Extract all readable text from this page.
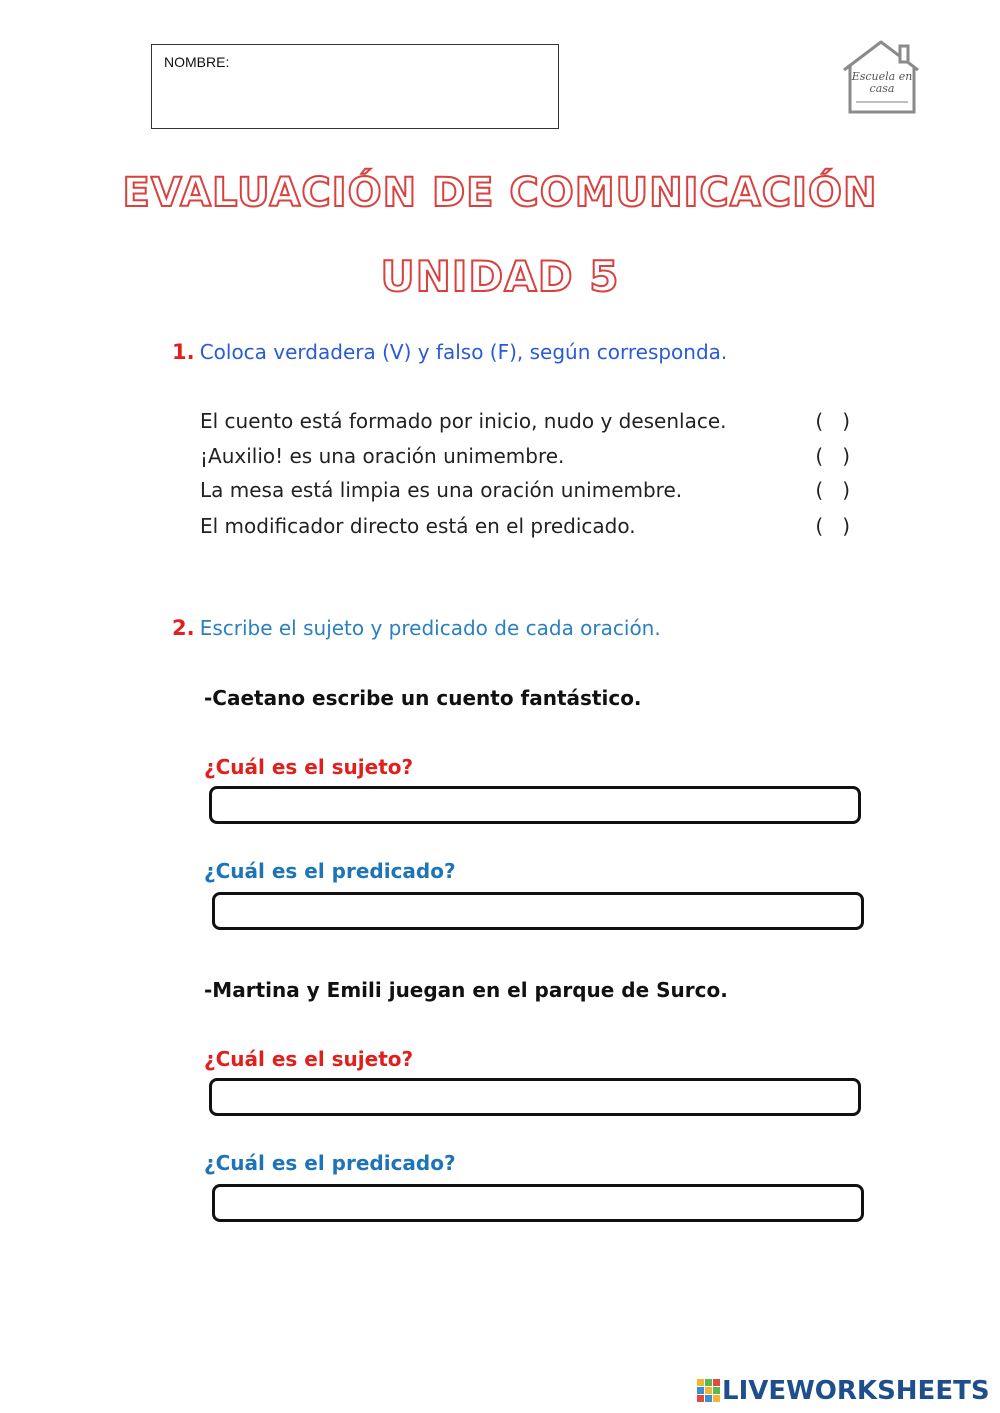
NOMBRE:
Escuela en
casa
EVALUACIÓN DE COMUNICACIÓN
UNIDAD 5
1. Coloca verdadera (V) y falso (F), según corresponda.
El cuento está formado por inicio, nudo y desenlace.	(   )
¡Auxilio! es una oración unimembre.	(   )
La mesa está limpia es una oración unimembre.	(   )
El modificador directo está en el predicado.	(   )
2. Escribe el sujeto y predicado de cada oración.
-Caetano escribe un cuento fantástico.
¿Cuál es el sujeto?
¿Cuál es el predicado?
-Martina y Emili juegan en el parque de Surco.
¿Cuál es el sujeto?
¿Cuál es el predicado?
LIVEWORKSHEETS
